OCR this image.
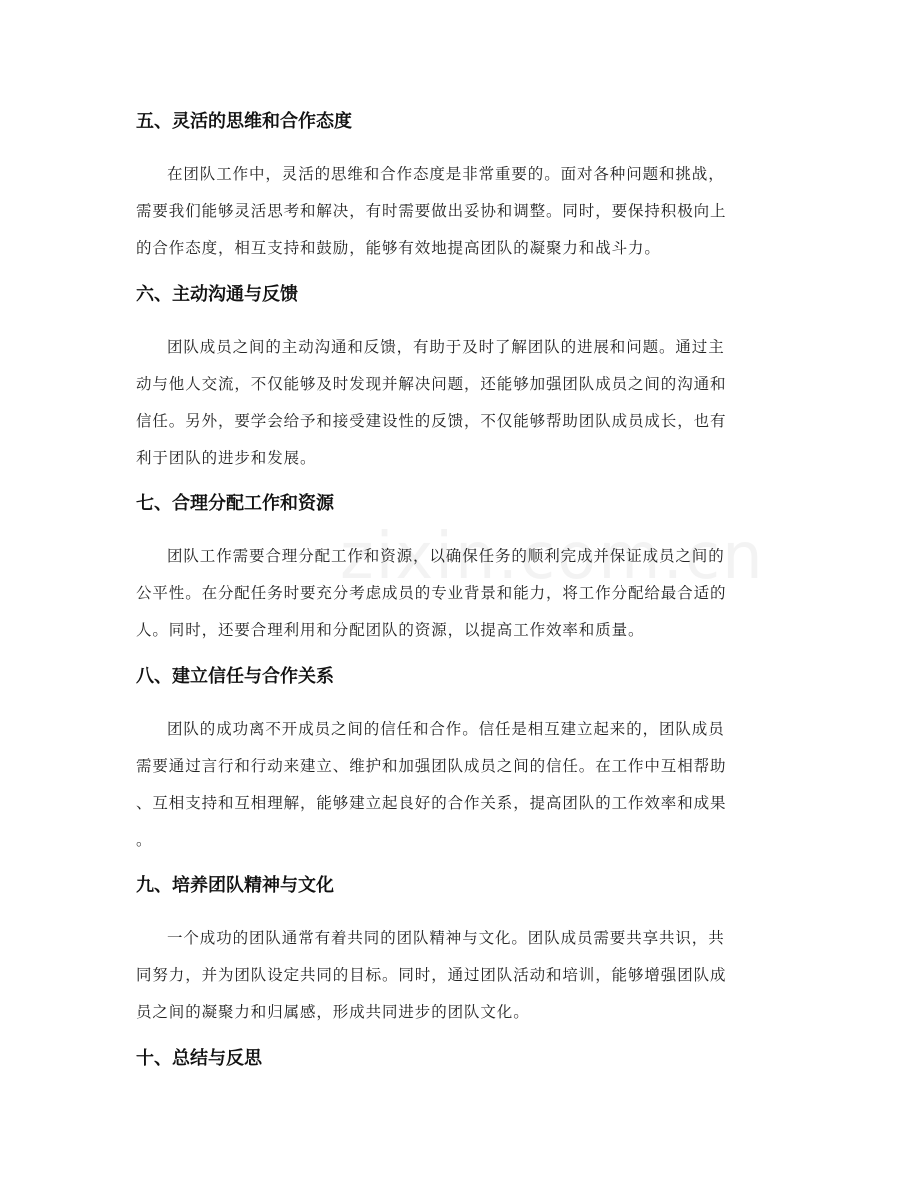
五、灵活的思维和合作态度

在团队工作中，灵活的思维和合作态度是非常重要的。面对各种问题和挑战，
需要我们能够灵活思考和解决，有时需要做出妥协和调整。同时，要保持积极向上
的合作态度，相互支持和鼓励，能够有效地提高团队的凝聚力和战斗力。

六、主动沟通与反馈

团队成员之间的主动沟通和反馈，有助于及时了解团队的进展和问题。通过主
动与他人交流，不仅能够及时发现并解决问题，还能够加强团队成员之间的沟通和
信任。另外，要学会给予和接受建设性的反馈，不仅能够帮助团队成员成长，也有
利于团队的进步和发展。

七、合理分配工作和资源

团队工作需要合理分配工作和资源，以确保任务的顺利完成并保证成员之间的
公平性。在分配任务时要充分考虑成员的专业背景和能力，将工作分配给最合适的
人。同时，还要合理利用和分配团队的资源，以提高工作效率和质量。

八、建立信任与合作关系

团队的成功离不开成员之间的信任和合作。信任是相互建立起来的，团队成员
需要通过言行和行动来建立、维护和加强团队成员之间的信任。在工作中互相帮助
、互相支持和互相理解，能够建立起良好的合作关系，提高团队的工作效率和成果
。

九、培养团队精神与文化

一个成功的团队通常有着共同的团队精神与文化。团队成员需要共享共识，共
同努力，并为团队设定共同的目标。同时，通过团队活动和培训，能够增强团队成
员之间的凝聚力和归属感，形成共同进步的团队文化。

十、总结与反思
